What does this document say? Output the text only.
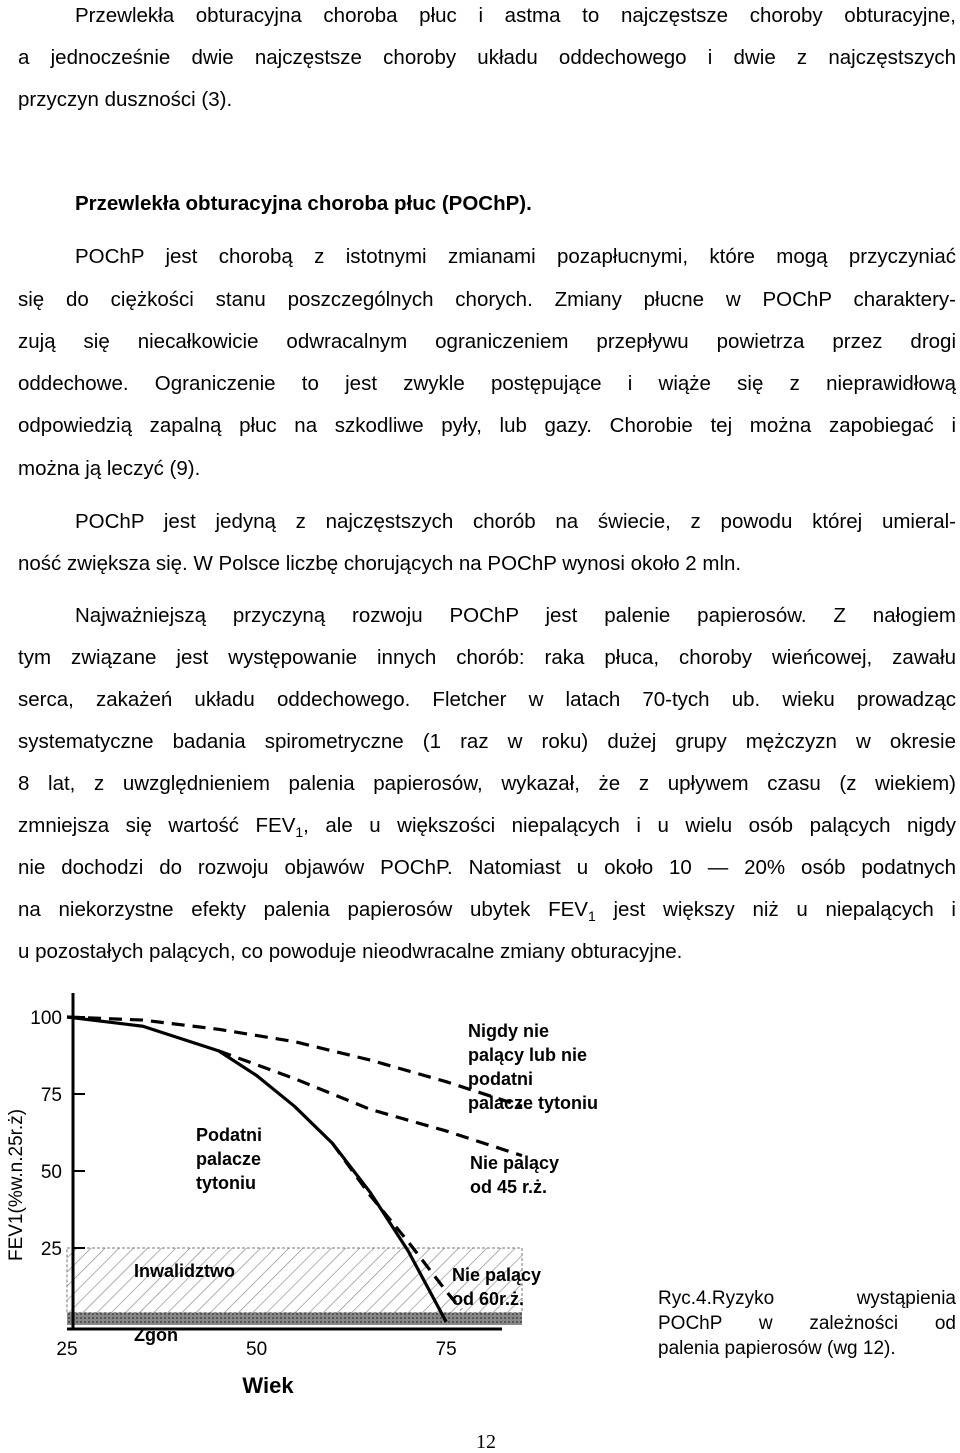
Przewlekła obturacyjna choroba płuc i astma to najczęstsze choroby obturacyjne,
a jednocześnie dwie najczęstsze choroby układu oddechowego i dwie z najczęstszych
przyczyn duszności (3).
Przewlekła obturacyjna choroba płuc (POChP).
POChP jest chorobą z istotnymi zmianami pozapłucnymi, które mogą przyczyniać
się do ciężkości stanu poszczególnych chorych. Zmiany płucne w POChP charaktery-
zują się niecałkowicie odwracalnym ograniczeniem przepływu powietrza przez drogi
oddechowe. Ograniczenie to jest zwykle postępujące i wiąże się z nieprawidłową
odpowiedzią zapalną płuc na szkodliwe pyły, lub gazy. Chorobie tej można zapobiegać i
można ją leczyć (9).
POChP jest jedyną z najczęstszych chorób na świecie, z powodu której umieral-
ność zwiększa się. W Polsce liczbę chorujących na POChP wynosi około 2 mln.
Najważniejszą przyczyną rozwoju POChP jest palenie papierosów. Z nałogiem
tym związane jest występowanie innych chorób: raka płuca, choroby wieńcowej, zawału
serca, zakażeń układu oddechowego. Fletcher w latach 70-tych ub. wieku prowadząc
systematyczne badania spirometryczne (1 raz w roku) dużej grupy mężczyzn w okresie
8 lat, z uwzględnieniem palenia papierosów, wykazał, że z upływem czasu (z wiekiem)
zmniejsza się wartość $FEV_1$, ale u większości niepalących i u wielu osób palących nigdy
nie dochodzi do rozwoju objawów POChP. Natomiast u około 10 — 20% osób podatnych
na niekorzystne efekty palenia papierosów ubytek $FEV_1$ jest większy niż u niepalących i
u pozostałych palących, co powoduje nieodwracalne zmiany obturacyjne.
100
75
50
25
25	50	75
FEV1(%w.n.25r.ż)
Wiek
Nigdy nie
palący lub nie
podatni
palacze tytoniu
Podatni
palacze
tytoniu
Nie palący
od 45 r.ż.
Nie palący
od 60r.ż.
Inwalidztwo
Zgon
Ryc.4.Ryzyko wystąpienia
POChP w zależności od
palenia papierosów (wg 12).
12
